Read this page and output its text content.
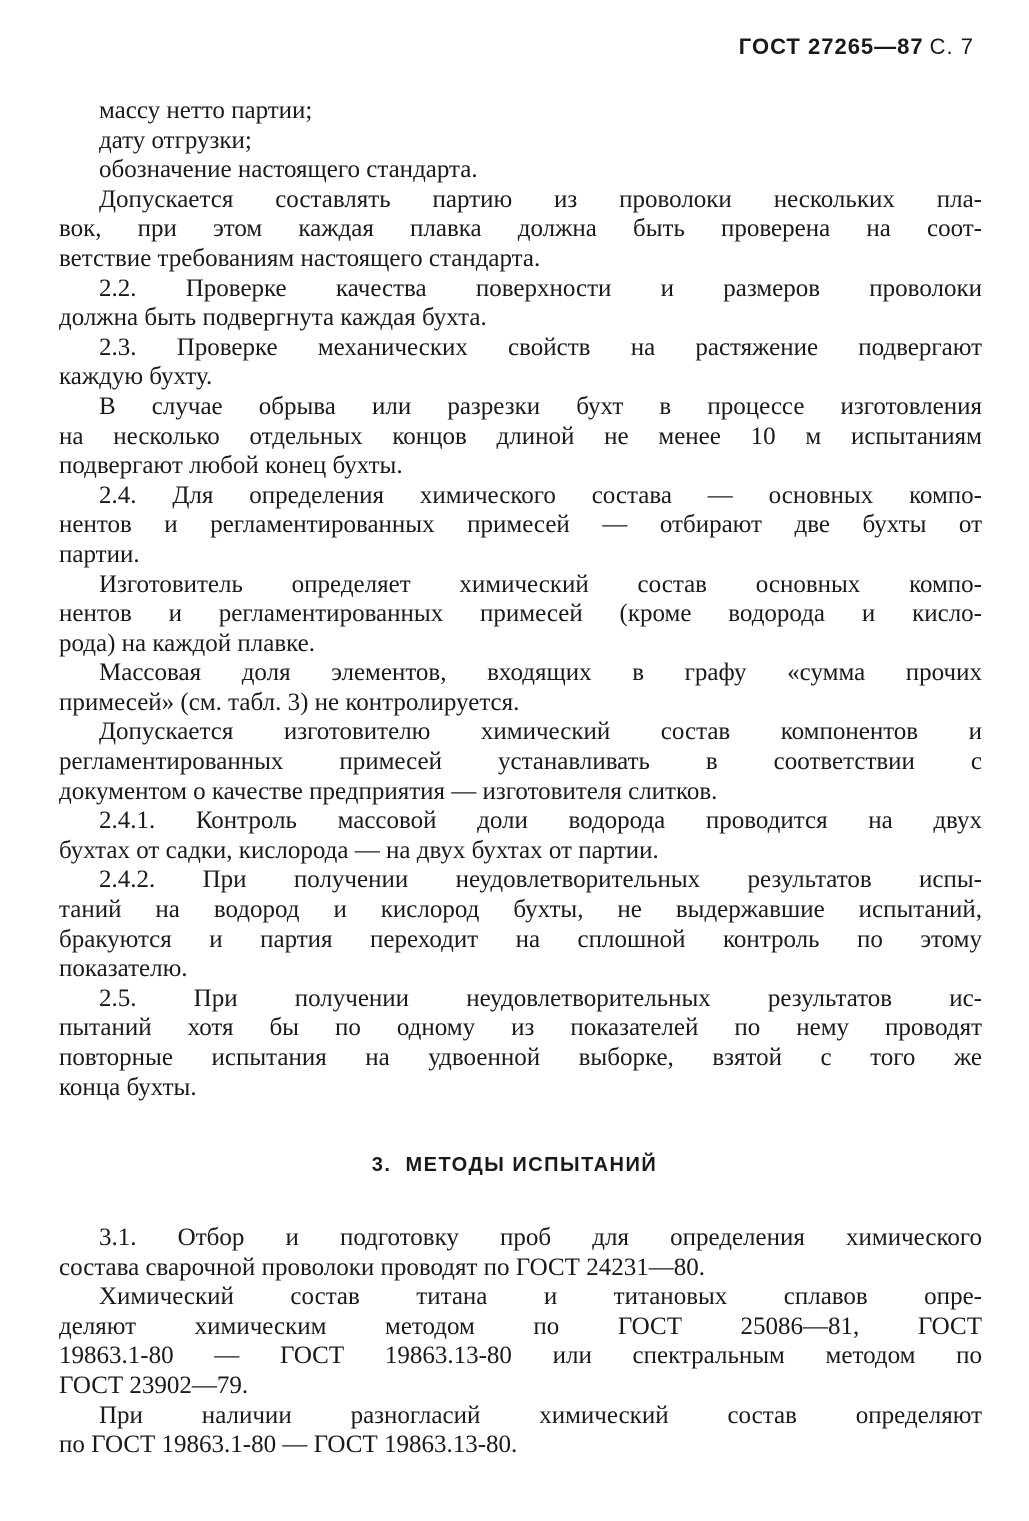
ГОСТ 27265—87 С. 7
массу нетто партии;
дату отгрузки;
обозначение настоящего стандарта.
Допускается составлять партию из проволоки нескольких пла-
вок, при этом каждая плавка должна быть проверена на соот-
ветствие требованиям настоящего стандарта.
2.2. Проверке качества поверхности и размеров проволоки
должна быть подвергнута каждая бухта.
2.3. Проверке механических свойств на растяжение подвергают
каждую бухту.
В случае обрыва или разрезки бухт в процессе изготовления
на несколько отдельных концов длиной не менее 10 м испытаниям
подвергают любой конец бухты.
2.4. Для определения химического состава — основных компо-
нентов и регламентированных примесей — отбирают две бухты от
партии.
Изготовитель определяет химический состав основных компо-
нентов и регламентированных примесей (кроме водорода и кисло-
рода) на каждой плавке.
Массовая доля элементов, входящих в графу «сумма прочих
примесей» (см. табл. 3) не контролируется.
Допускается изготовителю химический состав компонентов и
регламентированных примесей устанавливать в соответствии с
документом о качестве предприятия — изготовителя слитков.
2.4.1. Контроль массовой доли водорода проводится на двух
бухтах от садки, кислорода — на двух бухтах от партии.
2.4.2. При получении неудовлетворительных результатов испы-
таний на водород и кислород бухты, не выдержавшие испытаний,
бракуются и партия переходит на сплошной контроль по этому
показателю.
2.5. При получении неудовлетворительных результатов ис-
пытаний хотя бы по одному из показателей по нему проводят
повторные испытания на удвоенной выборке, взятой с того же
конца бухты.
3. МЕТОДЫ ИСПЫТАНИЙ
3.1. Отбор и подготовку проб для определения химического
состава сварочной проволоки проводят по ГОСТ 24231—80.
Химический состав титана и титановых сплавов опре-
деляют химическим методом по ГОСТ 25086—81, ГОСТ
19863.1-80 — ГОСТ 19863.13-80 или спектральным методом по
ГОСТ 23902—79.
При наличии разногласий химический состав определяют
по ГОСТ 19863.1-80 — ГОСТ 19863.13-80.
